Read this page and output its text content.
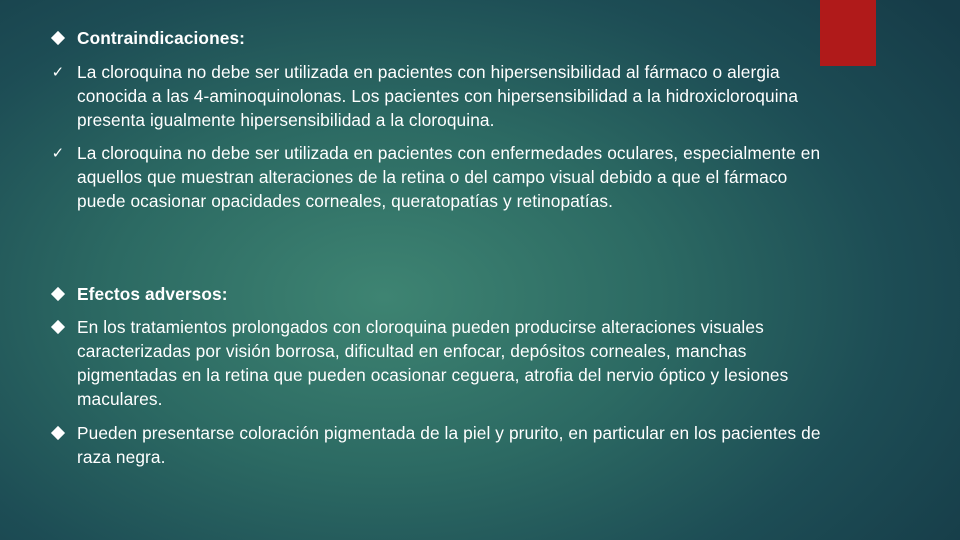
Contraindicaciones:
✓ La cloroquina no debe ser utilizada en pacientes con hipersensibilidad al fármaco o alergia conocida a las 4-aminoquinolonas. Los pacientes con hipersensibilidad a la hidroxicloroquina presenta igualmente hipersensibilidad a la cloroquina.
✓ La cloroquina no debe ser utilizada en pacientes con enfermedades oculares, especialmente en aquellos que muestran alteraciones de la retina o del campo visual debido a que el fármaco puede ocasionar opacidades corneales, queratopatías y retinopatías.
Efectos adversos:
En los tratamientos prolongados con cloroquina pueden producirse alteraciones visuales caracterizadas por visión borrosa, dificultad en enfocar, depósitos corneales, manchas pigmentadas en la retina que pueden ocasionar ceguera, atrofia del nervio óptico y lesiones maculares.
Pueden presentarse coloración pigmentada de la piel y prurito, en particular en los pacientes de raza negra.
